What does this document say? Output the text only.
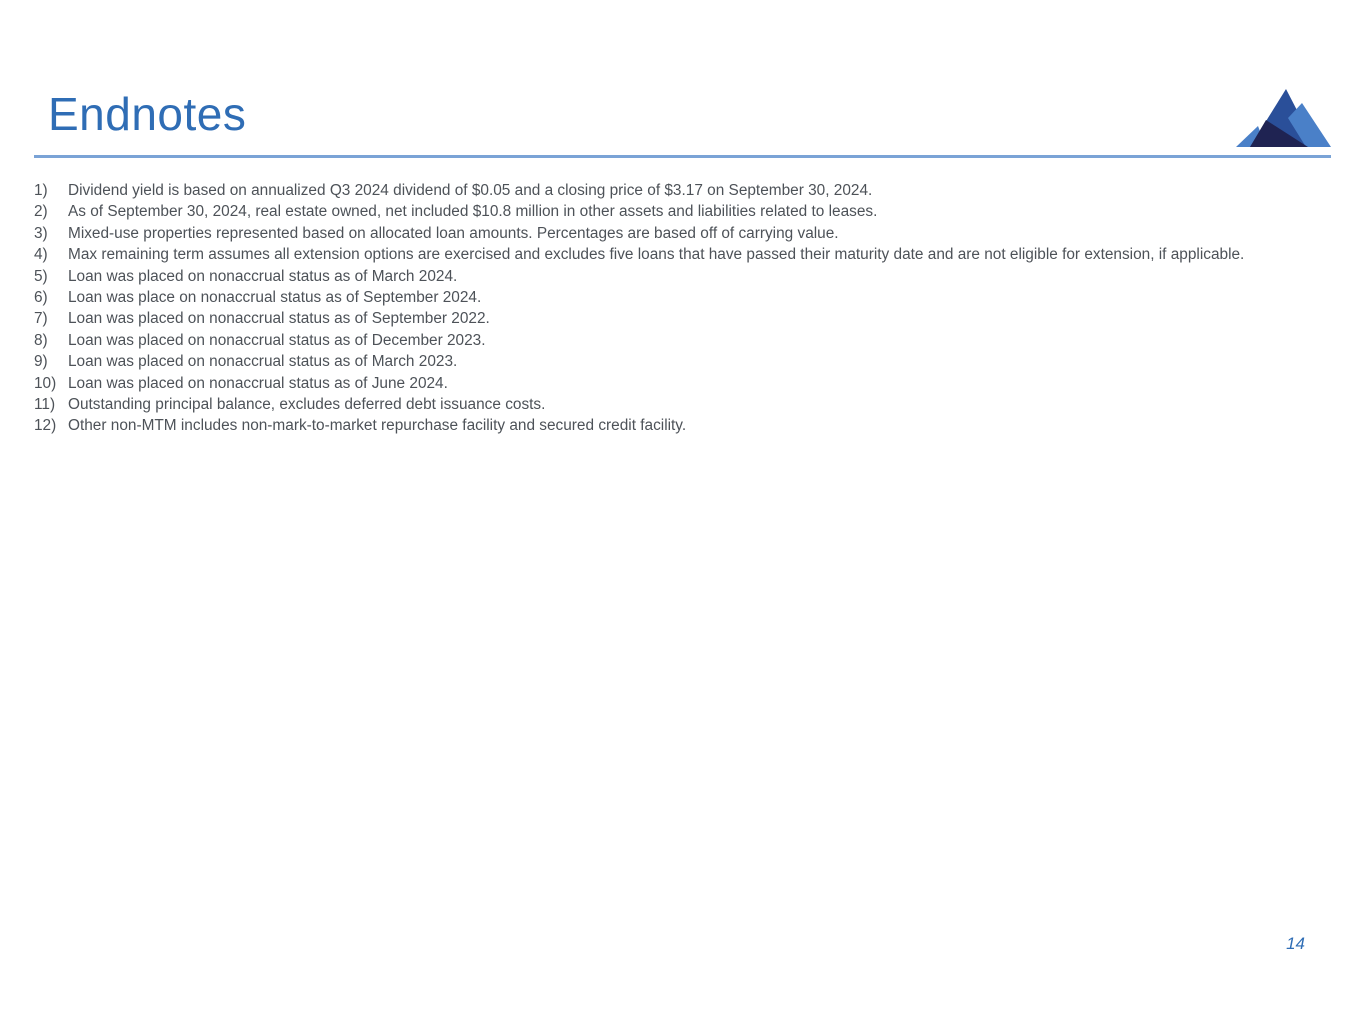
Endnotes
1)	Dividend yield is based on annualized Q3 2024 dividend of $0.05 and a closing price of $3.17 on September 30, 2024.
2)	As of September 30, 2024, real estate owned, net included $10.8 million in other assets and liabilities related to leases.
3)	Mixed-use properties represented based on allocated loan amounts. Percentages are based off of carrying value.
4)	Max remaining term assumes all extension options are exercised and excludes five loans that have passed their maturity date and are not eligible for extension, if applicable.
5)	Loan was placed on nonaccrual status as of March 2024.
6)	Loan was place on nonaccrual status as of September 2024.
7)	Loan was placed on nonaccrual status as of September 2022.
8)	Loan was placed on nonaccrual status as of December 2023.
9)	Loan was placed on nonaccrual status as of March 2023.
10) Loan was placed on nonaccrual status as of June 2024.
11) Outstanding principal balance, excludes deferred debt issuance costs.
12) Other non-MTM includes non-mark-to-market repurchase facility and secured credit facility.
14
